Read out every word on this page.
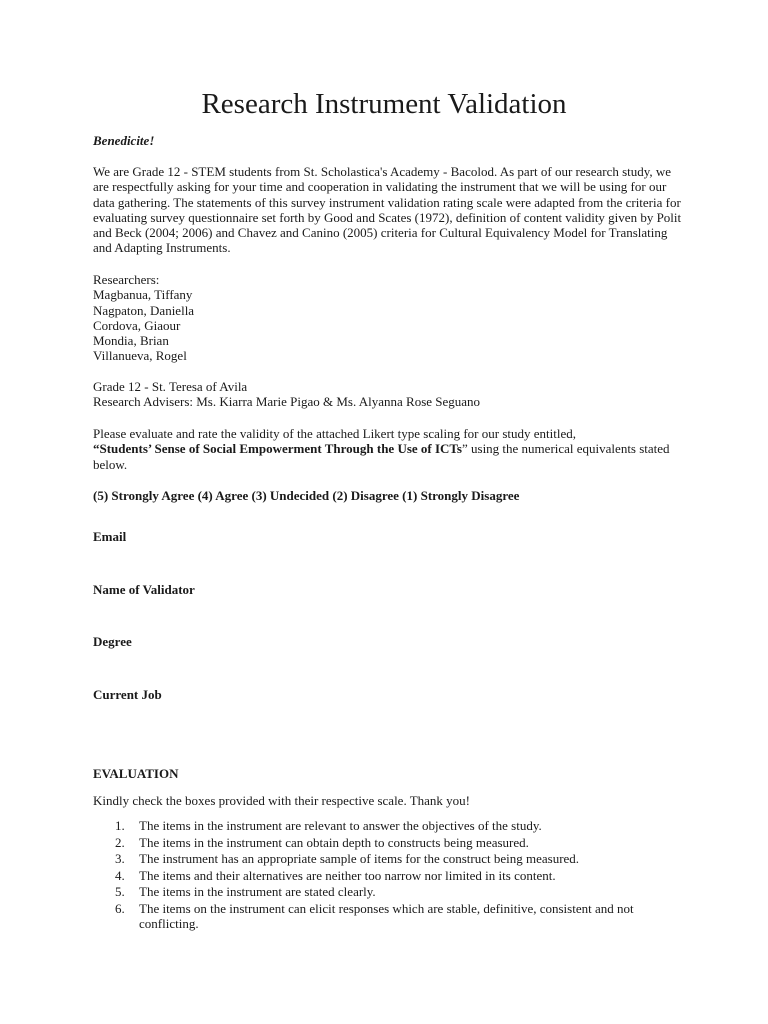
Research Instrument Validation

Benedicite!

We are Grade 12 - STEM students from St. Scholastica's Academy - Bacolod. As part of our research study, we are respectfully asking for your time and cooperation in validating the instrument that we will be using for our data gathering. The statements of this survey instrument validation rating scale were adapted from the criteria for evaluating survey questionnaire set forth by Good and Scates (1972), definition of content validity given by Polit and Beck (2004; 2006) and Chavez and Canino (2005) criteria for Cultural Equivalency Model for Translating and Adapting Instruments.

Researchers:
Magbanua, Tiffany
Nagpaton, Daniella
Cordova, Giaour
Mondia, Brian
Villanueva, Rogel
Grade 12 - St. Teresa of Avila
Research Advisers: Ms. Kiarra Marie Pigao & Ms. Alyanna Rose Seguano

Please evaluate and rate the validity of the attached Likert type scaling for our study entitled,
“Students’ Sense of Social Empowerment Through the Use of ICTs” using the numerical equivalents stated below.

(5) Strongly Agree (4) Agree (3) Undecided (2) Disagree (1) Strongly Disagree

Email

Name of Validator

Degree

Current Job

EVALUATION

Kindly check the boxes provided with their respective scale. Thank you!

1.	The items in the instrument are relevant to answer the objectives of the study.
2.	The items in the instrument can obtain depth to constructs being measured.
3.	The instrument has an appropriate sample of items for the construct being measured.
4.	The items and their alternatives are neither too narrow nor limited in its content.
5.	The items in the instrument are stated clearly.
6.	The items on the instrument can elicit responses which are stable, definitive, consistent and not conflicting.
